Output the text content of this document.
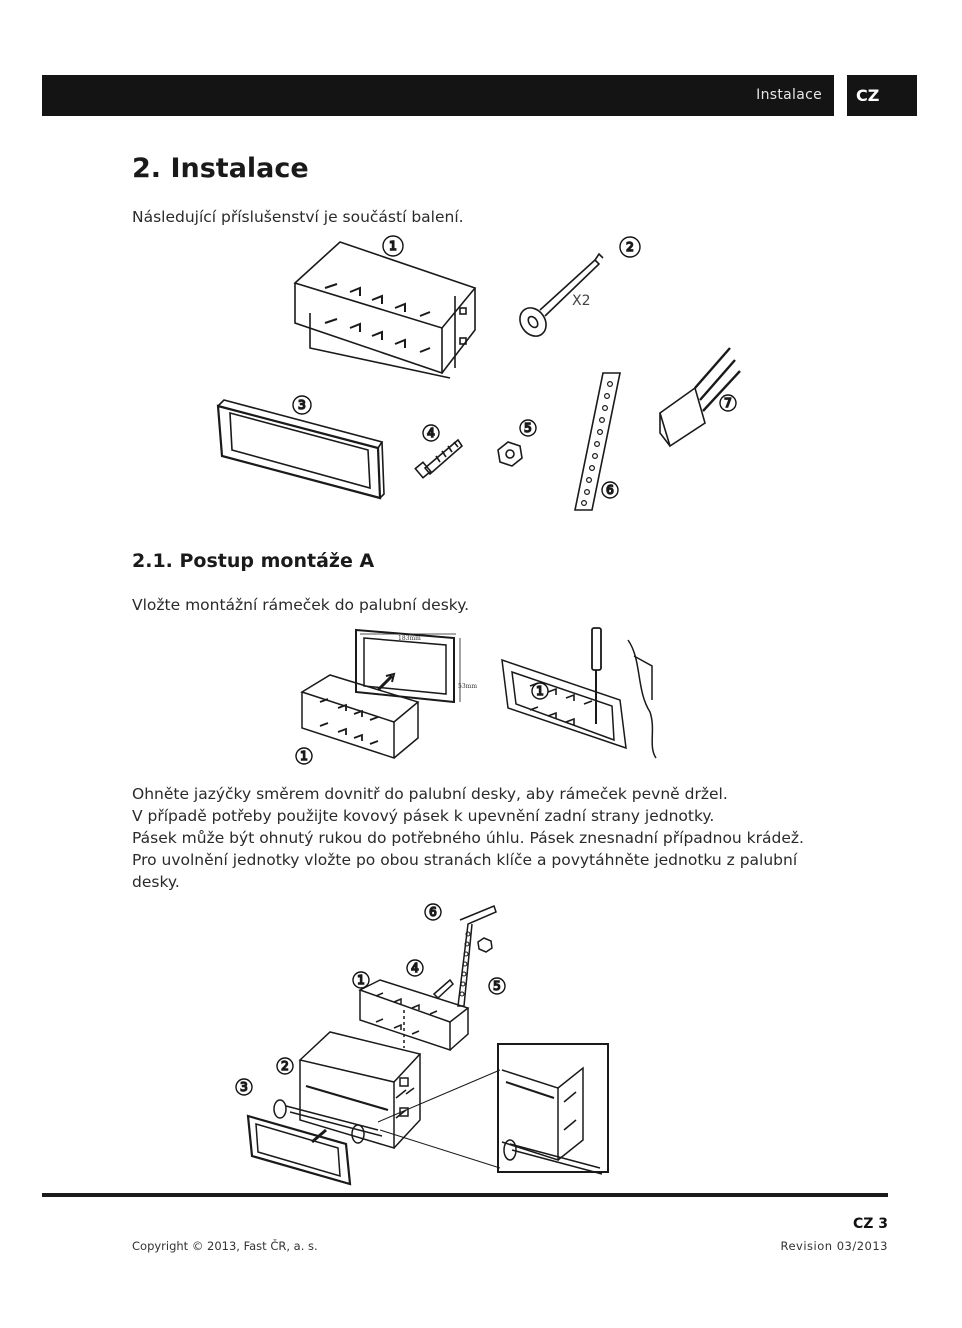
Instalace	CZ
2. Instalace

Následující příslušenství je součástí balení.

X2
1	2
3
4	5
6
7
2.1. Postup montáže A

Vložte montážní rámeček do palubní desky.

183mm
53mm
1
1

Ohněte jazýčky směrem dovnitř do palubní desky, aby rámeček pevně držel.

V případě potřeby použijte kovový pásek k upevnění zadní strany jednotky.

Pásek může být ohnutý rukou do potřebného úhlu. Pásek znesnadní případnou krádež.

Pro uvolnění jednotky vložte po obou stranách klíče a povytáhněte jednotku z palubní

desky.

6
4
5
1
2
3
CZ 3
Copyright © 2013, Fast ČR, a. s.	Revision 03/2013
